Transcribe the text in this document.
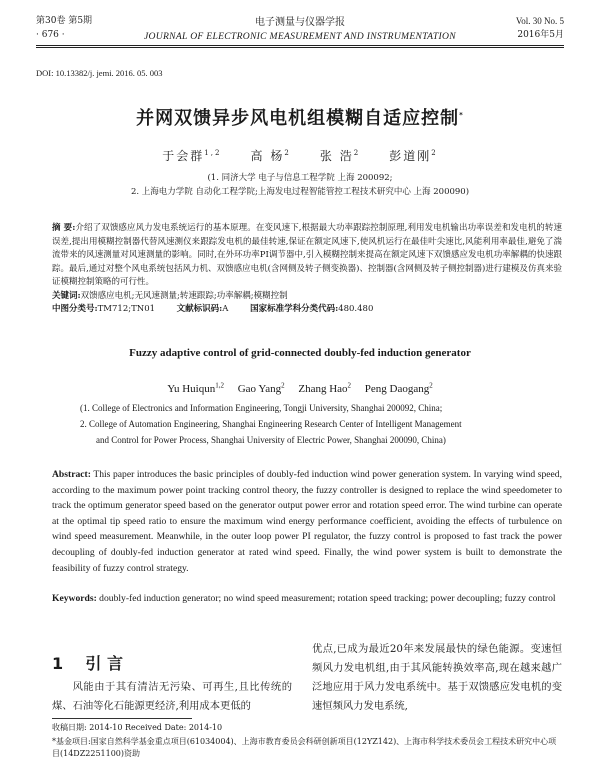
第30卷 第5期
· 676 ·
电子测量与仪器学报
JOURNAL OF ELECTRONIC MEASUREMENT AND INSTRUMENTATION
Vol. 30 No. 5
2016年5月
DOI: 10.13382/j. jemi. 2016. 05. 003
并网双馈异步风电机组模糊自适应控制*
于会群$^{1,2}$ 高 杨$^2$ 张 浩$^2$ 彭道刚$^2$
(1. 同济大学 电子与信息工程学院 上海 200092;
2. 上海电力学院 自动化工程学院;上海发电过程智能管控工程技术研究中心 上海 200090)
摘 要:介绍了双馈感应风力发电系统运行的基本原理。在变风速下,根据最大功率跟踪控制原理,利用发电机输出功率误差和发电机的转速误差,提出用模糊控制器代替风速测仪来跟踪发电机的最佳转速,保证在额定风速下,使风机运行在最佳叶尖速比,风能利用率最佳,避免了湍流带来的风速测量对风速测量的影响。同时,在外环功率PI调节器中,引入模糊控制来提高在额定风速下双馈感应发电机功率解耦的快速跟踪。最后,通过对整个风电系统包括风力机、双馈感应电机(含网侧及转子侧变换器)、控制器(含网侧及转子侧控制器)进行建模及仿真来验证模糊控制策略的可行性。
关键词:双馈感应电机;无风速测量;转速跟踪;功率解耦;模糊控制
中图分类号:TM712;TN01	文献标识码:A	国家标准学科分类代码:480.480
Fuzzy adaptive control of grid-connected doubly-fed induction generator
Yu Huiqun$^{1,2}$ Gao Yang$^2$ Zhang Hao$^2$ Peng Daogang$^2$
(1. College of Electronics and Information Engineering, Tongji University, Shanghai 200092, China;
2. College of Automation Engineering, Shanghai Engineering Research Center of Intelligent Management
and Control for Power Process, Shanghai University of Electric Power, Shanghai 200090, China)
Abstract: This paper introduces the basic principles of doubly-fed induction wind power generation system. In varying wind speed, according to the maximum power point tracking control theory, the fuzzy controller is designed to replace the wind speedometer to track the optimum generator speed based on the generator output power error and rotation speed error. The wind turbine can operate at the optimal tip speed ratio to ensure the maximum wind energy performance coefficient, avoiding the effects of turbulence on wind speed measurement. Meanwhile, in the outer loop power PI regulator, the fuzzy control is proposed to fast track the power decoupling of doubly-fed induction generator at rated wind speed. Finally, the wind power system is built to demonstrate the feasibility of fuzzy control strategy.
Keywords: doubly-fed induction generator; no wind speed measurement; rotation speed tracking; power decoupling; fuzzy control
1 引 言
风能由于其有清洁无污染、可再生,且比传统的煤、石油等化石能源更经济,利用成本更低的
优点,已成为最近20年来发展最快的绿色能源。变速恒频风力发电机组,由于其风能转换效率高,现在越来越广泛地应用于风力发电系统中。基于双馈感应发电机的变速恒频风力发电系统,
收稿日期: 2014-10 Received Date: 2014-10
*基金项目:国家自然科学基金重点项目(61034004)、上海市教育委员会科研创新项目(12YZ142)、上海市科学技术委员会工程技术研究中心项目(14DZ2251100)资助
